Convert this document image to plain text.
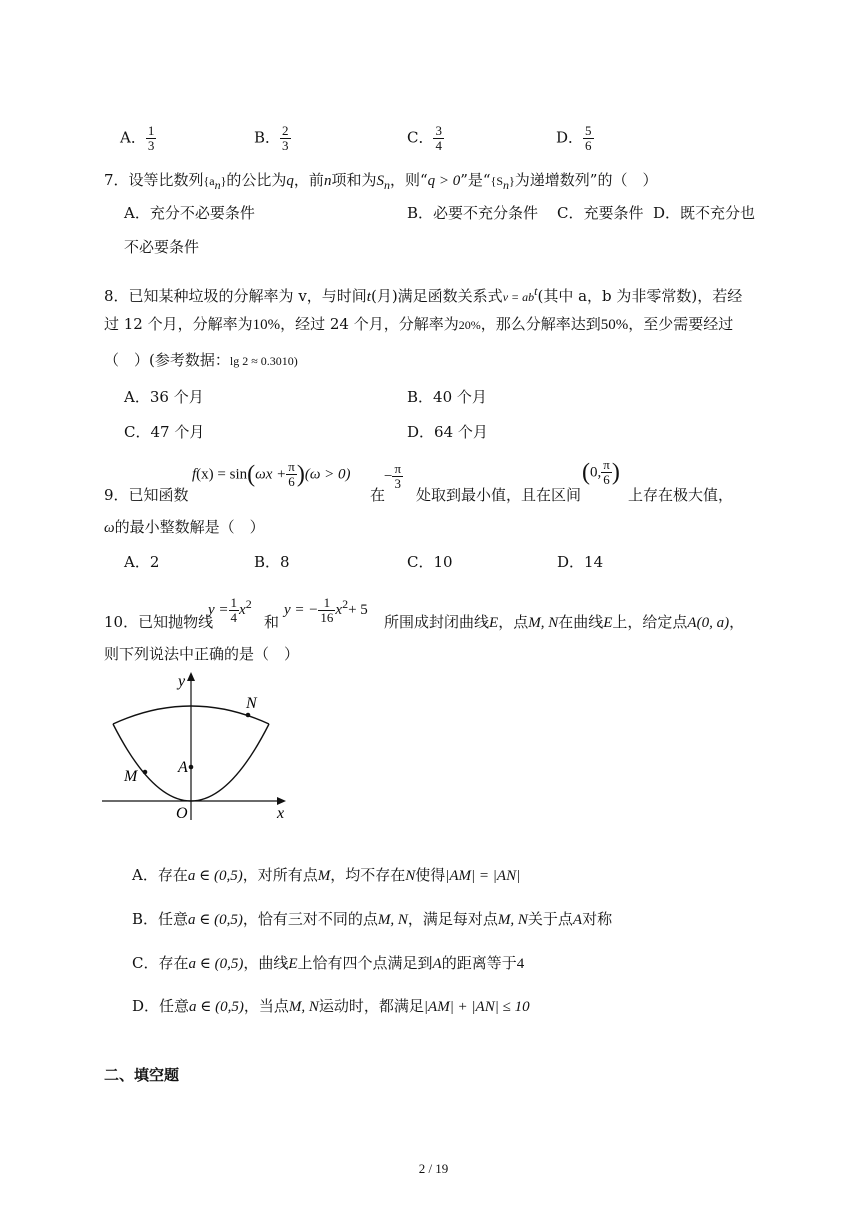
A． $\frac{1}{3}$	B． $\frac{2}{3}$	C． $\frac{3}{4}$	D． $\frac{5}{6}$
7．设等比数列$\{a_n\}$的公比为q，前n项和为$S_n$，则“q > 0”是“$\{S_n\}$为递增数列”的（　）
A．充分不必要条件	B．必要不充分条件 C．充要条件 D．既不充分也
不必要条件
8．已知某种垃圾的分解率为 v，与时间t(月)满足函数关系式$v = ab^t$(其中 a，b 为非零常数)，若经
过 12 个月，分解率为10%，经过 24 个月，分解率为20%，那么分解率达到50%，至少需要经过
（　）(参考数据：lg 2 ≈ 0.3010)
A．36 个月	B．40 个月
C．47 个月	D．64 个月
9．已知函数
$f(x) = \sin(\omega x + \frac{\pi}{6} )(\omega > 0)$
在
− $\frac{\pi}{3}$
处取到最小值，且在区间
(0, $\frac{\pi}{6}$ )
上存在极大值，
ω的最小整数解是（　）
A．2	B．8	C．10	D．14
10．已知抛物线
$y = \frac{1}{4} x^2$
和
y = − $\frac{1}{16} x^2+ 5$
所围成封闭曲线E，点M, N在曲线E上，给定点A(0, a)，
则下列说法中正确的是（　）
y
x
O
A
M
N
A．存在a ∈ (0,5)，对所有点M，均不存在N使得|AM| = |AN|
B．任意a ∈ (0,5)，恰有三对不同的点M, N，满足每对点M, N关于点A对称
C．存在a ∈ (0,5)，曲线E上恰有四个点满足到A的距离等于4
D．任意a ∈ (0,5)，当点M, N运动时，都满足|AM| + |AN| ≤ 10
二、填空题
2 / 19
